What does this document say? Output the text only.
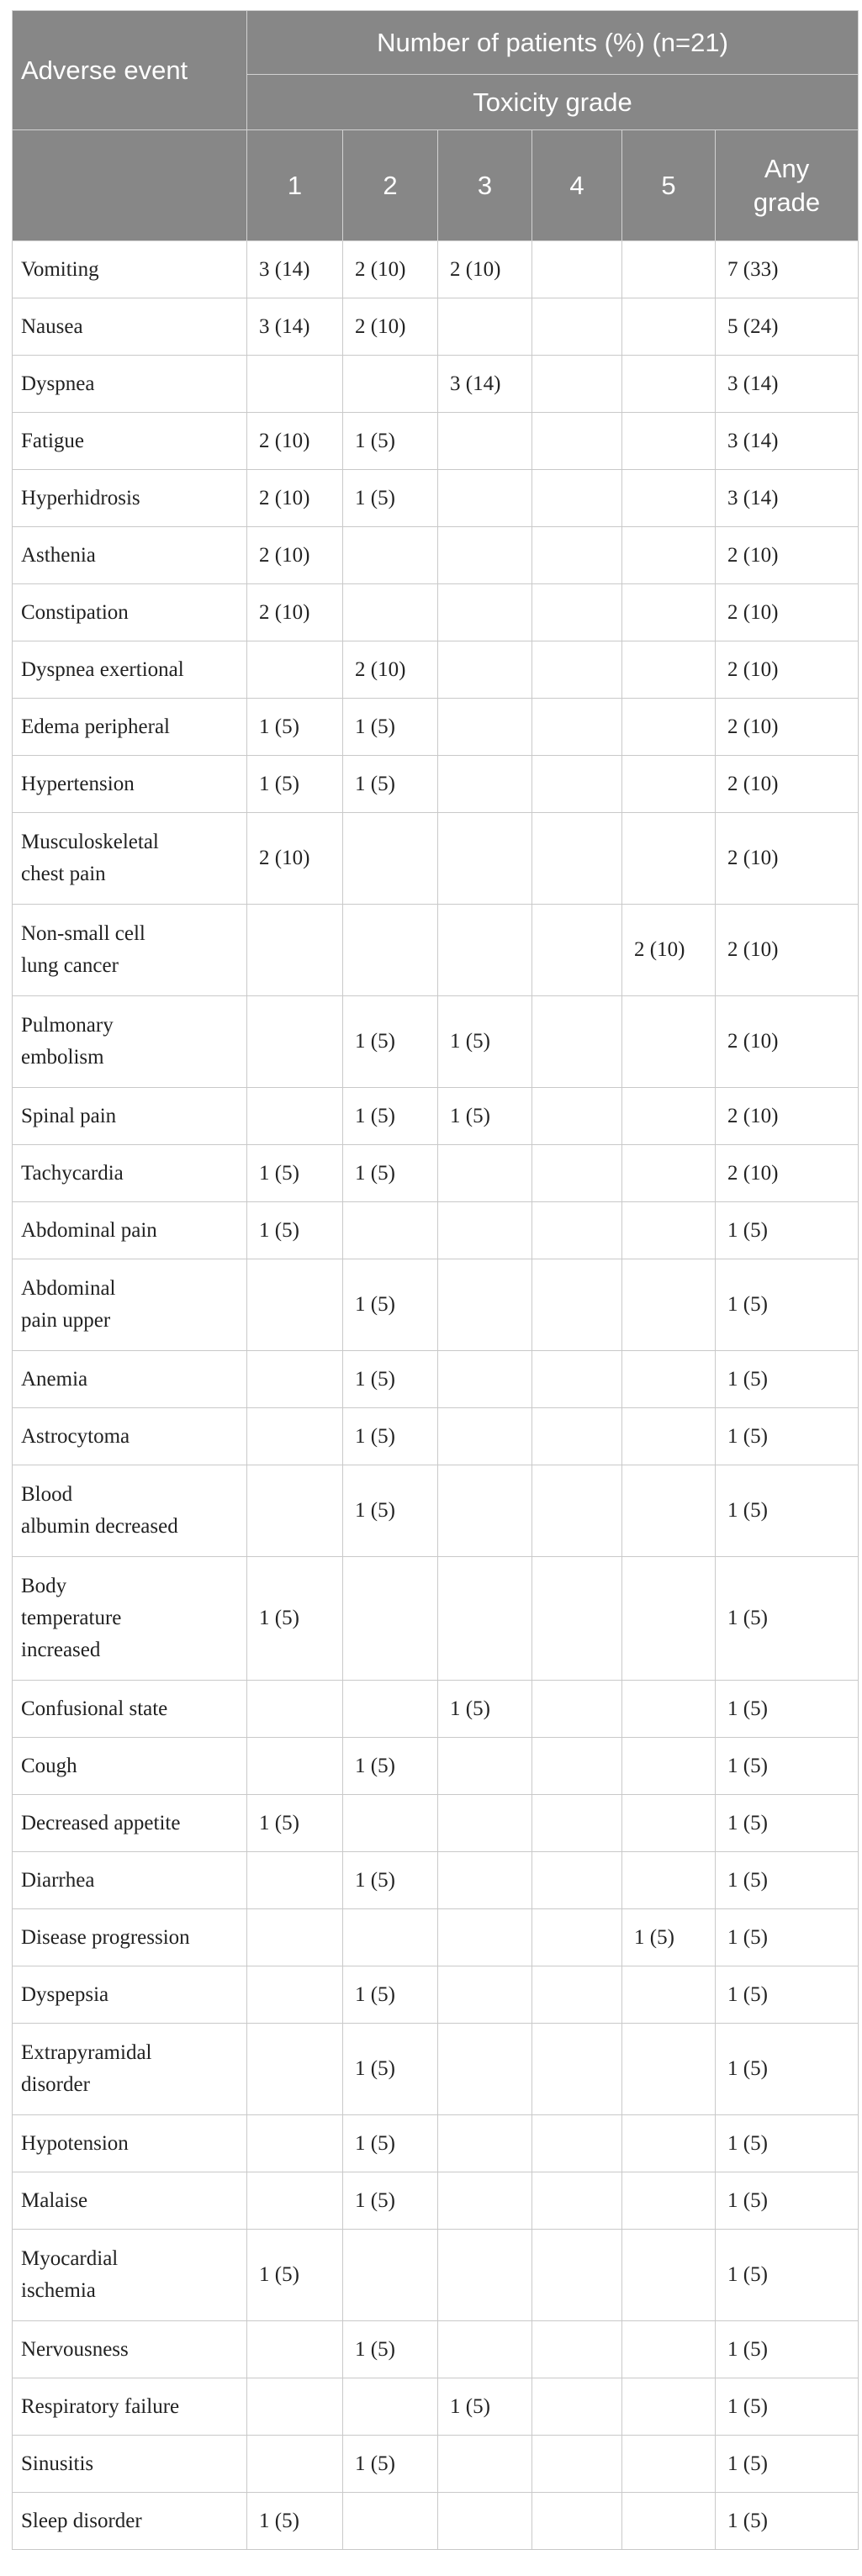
Adverse event	Number of patients (%) (n=21)					
	Toxicity grade					
	1	2	3	4	5	Any
grade

Vomiting	3 (14)	2 (10)	2 (10)			7 (33)
Nausea	3 (14)	2 (10)				5 (24)
Dyspnea			3 (14)			3 (14)
Fatigue	2 (10)	1 (5)				3 (14)
Hyperhidrosis	2 (10)	1 (5)				3 (14)
Asthenia	2 (10)					2 (10)
Constipation	2 (10)					2 (10)
Dyspnea exertional		2 (10)				2 (10)
Edema peripheral	1 (5)	1 (5)				2 (10)
Hypertension	1 (5)	1 (5)				2 (10)
Musculoskeletal
chest pain	2 (10)					2 (10)
Non-small cell
lung cancer					2 (10)	2 (10)
Pulmonary
embolism		1 (5)	1 (5)			2 (10)
Spinal pain		1 (5)	1 (5)			2 (10)
Tachycardia	1 (5)	1 (5)				2 (10)
Abdominal pain	1 (5)					1 (5)
Abdominal
pain upper		1 (5)				1 (5)
Anemia		1 (5)				1 (5)
Astrocytoma		1 (5)				1 (5)
Blood
albumin decreased		1 (5)				1 (5)
Body
temperature
increased	1 (5)					1 (5)
Confusional state			1 (5)			1 (5)
Cough		1 (5)				1 (5)
Decreased appetite	1 (5)					1 (5)
Diarrhea		1 (5)				1 (5)
Disease progression					1 (5)	1 (5)
Dyspepsia		1 (5)				1 (5)
Extrapyramidal
disorder		1 (5)				1 (5)
Hypotension		1 (5)				1 (5)
Malaise		1 (5)				1 (5)
Myocardial
ischemia	1 (5)					1 (5)
Nervousness		1 (5)				1 (5)
Respiratory failure			1 (5)			1 (5)
Sinusitis		1 (5)				1 (5)
Sleep disorder	1 (5)					1 (5)
